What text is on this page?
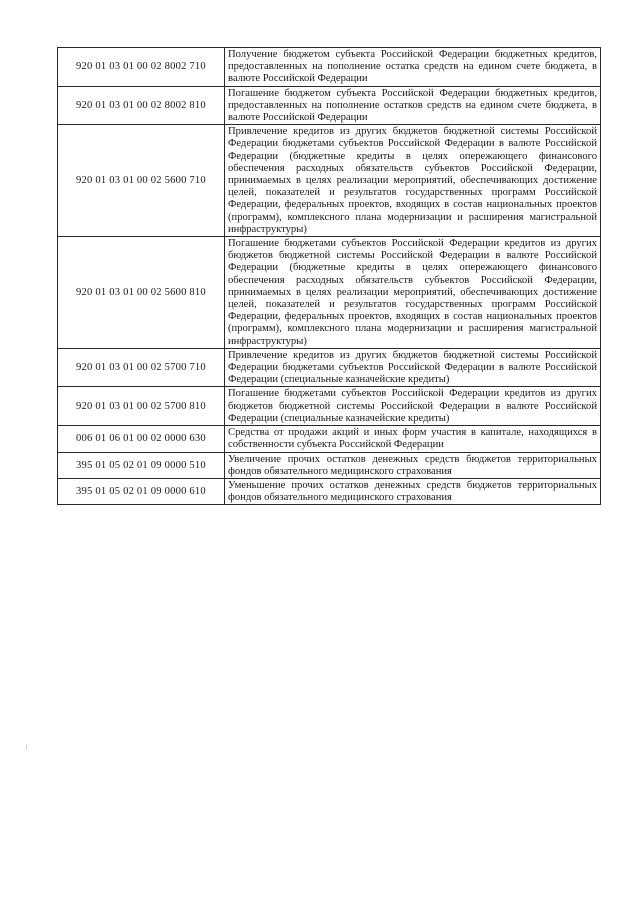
920 01 03 01 00 02 8002 710	Получение бюджетом субъекта Российской Федерации бюджетных кредитов, предоставленных на пополнение остатка средств на едином счете бюджета, в валюте Российской Федерации
920 01 03 01 00 02 8002 810	Погашение бюджетом субъекта Российской Федерации бюджетных кредитов, предоставленных на пополнение остатков средств на едином счете бюджета, в валюте Российской Федерации
920 01 03 01 00 02 5600 710	Привлечение кредитов из других бюджетов бюджетной системы Российской Федерации бюджетами субъектов Российской Федерации в валюте Российской Федерации (бюджетные кредиты в целях опережающего финансового обеспечения расходных обязательств субъектов Российской Федерации, принимаемых в целях реализации мероприятий, обеспечивающих достижение целей, показателей и результатов государственных программ Российской Федерации, федеральных проектов, входящих в состав национальных проектов (программ), комплексного плана модернизации и расширения магистральной инфраструктуры)
920 01 03 01 00 02 5600 810	Погашение бюджетами субъектов Российской Федерации кредитов из других бюджетов бюджетной системы Российской Федерации в валюте Российской Федерации (бюджетные кредиты в целях опережающего финансового обеспечения расходных обязательств субъектов Российской Федерации, принимаемых в целях реализации мероприятий, обеспечивающих достижение целей, показателей и результатов государственных программ Российской Федерации, федеральных проектов, входящих в состав национальных проектов (программ), комплексного плана модернизации и расширения магистральной инфраструктуры)
920 01 03 01 00 02 5700 710	Привлечение кредитов из других бюджетов бюджетной системы Российской Федерации бюджетами субъектов Российской Федерации в валюте Российской Федерации (специальные казначейские кредиты)
920 01 03 01 00 02 5700 810	Погашение бюджетами субъектов Российской Федерации кредитов из других бюджетов бюджетной системы Российской Федерации в валюте Российской Федерации (специальные казначейские кредиты)
006 01 06 01 00 02 0000 630	Средства от продажи акций и иных форм участия в капитале, находящихся в собственности субъекта Российской Федерации
395 01 05 02 01 09 0000 510	Увеличение прочих остатков денежных средств бюджетов территориальных фондов обязательного медицинского страхования
395 01 05 02 01 09 0000 610	Уменьшение прочих остатков денежных средств бюджетов территориальных фондов обязательного медицинского страхования
